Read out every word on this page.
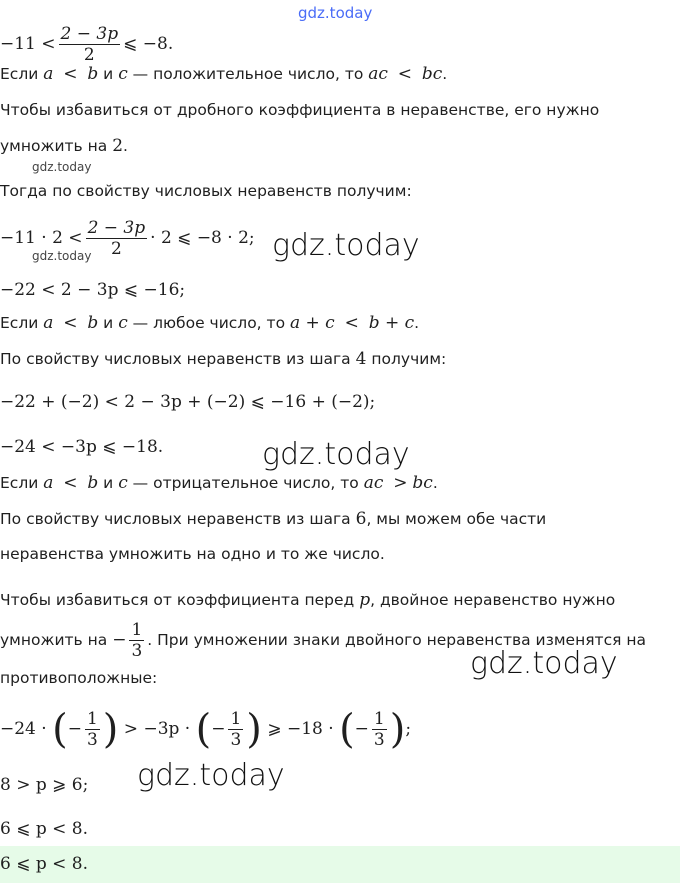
gdz.today
gdz.today
gdz.today	gdz.today
gdz.today
gdz.today
gdz.today
$-11 < \frac{2 - 3p}{2}$ ⩽ −8.
Если a < b и c — положительное число, то ac < bc.
Чтобы избавиться от дробного коэффициента в неравенстве, его нужно
умножить на 2.
Тогда по свойству числовых неравенств получим:
$-11 \cdot 2 < \frac{2 - 3p}{2} \cdot 2$ ⩽ −8 · 2;
−22 < 2 − 3p ⩽ −16;
Если a < b и c — любое число, то a + c < b + c.
По свойству числовых неравенств из шага 4 получим:
−22 + (−2) < 2 − 3p + (−2) ⩽ −16 + (−2);
−24 < −3p ⩽ −18.
Если a < b и c — отрицательное число, то ac > bc.
По свойству числовых неравенств из шага 6, мы можем обе части
неравенства умножить на одно и то же число.
Чтобы избавиться от коэффициента перед p, двойное неравенство нужно
умножить на − $\frac{1}{3}$ . При умножении знаки двойного неравенства изменятся на
противоположные:
−24 · (− $\frac{1}{3}$ ) > −3p · (− $\frac{1}{3}$ ) ⩾ −18 · (− $\frac{1}{3}$ );
8 > p ⩾ 6;
6 ⩽ p < 8.
6 ⩽ p < 8.
